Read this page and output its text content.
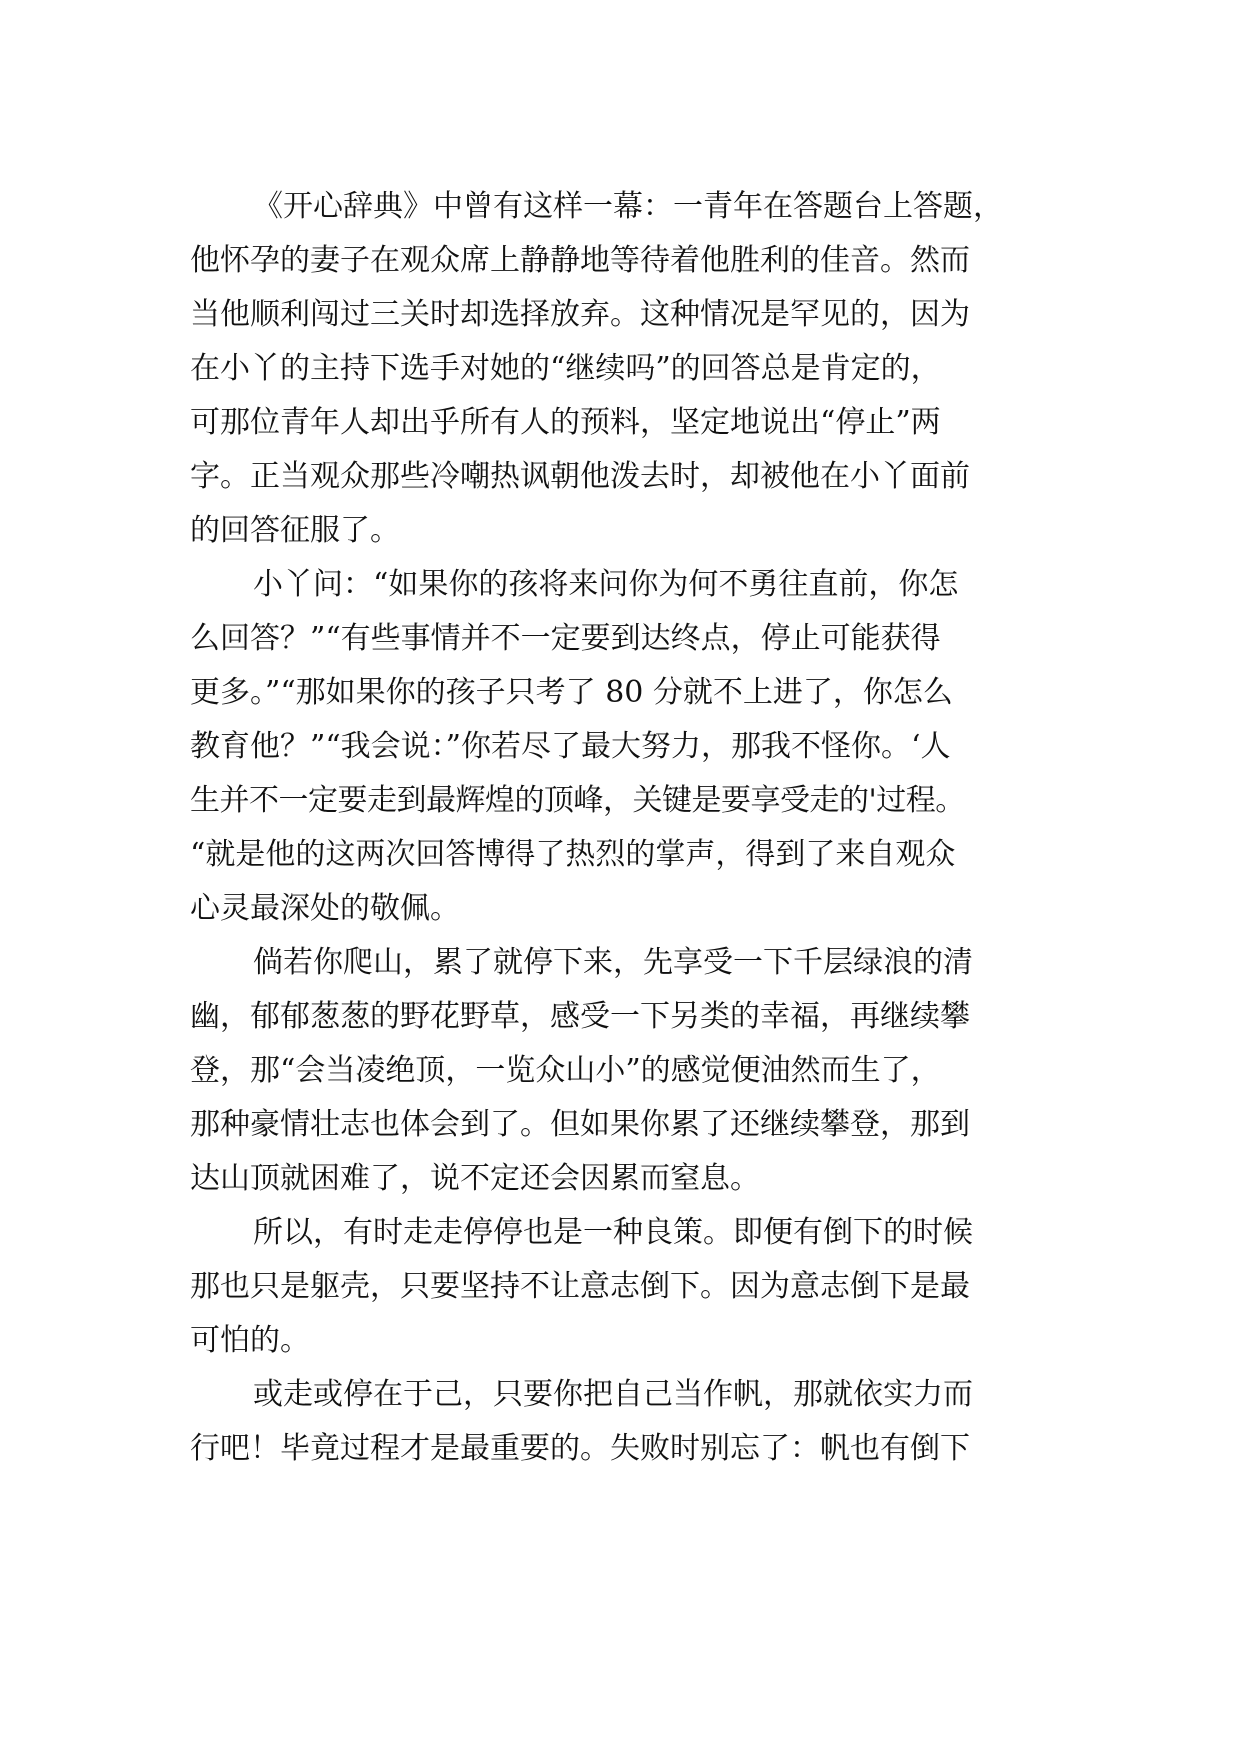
《开心辞典》中曾有这样一幕：一青年在答题台上答题，
他怀孕的妻子在观众席上静静地等待着他胜利的佳音。然而
当他顺利闯过三关时却选择放弃。这种情况是罕见的，因为
在小丫的主持下选手对她的“继续吗”的回答总是肯定的，
可那位青年人却出乎所有人的预料，坚定地说出“停止”两
字。正当观众那些冷嘲热讽朝他泼去时，却被他在小丫面前
的回答征服了。
小丫问：“如果你的孩将来问你为何不勇往直前，你怎
么回答？”“有些事情并不一定要到达终点，停止可能获得
更多。”“那如果你的孩子只考了 80 分就不上进了，你怎么
教育他？”“我会说：”你若尽了最大努力，那我不怪你。‘人
生并不一定要走到最辉煌的顶峰，关键是要享受走的'过程。
“就是他的这两次回答博得了热烈的掌声，得到了来自观众
心灵最深处的敬佩。
倘若你爬山，累了就停下来，先享受一下千层绿浪的清
幽，郁郁葱葱的野花野草，感受一下另类的幸福，再继续攀
登，那“会当凌绝顶，一览众山小”的感觉便油然而生了，
那种豪情壮志也体会到了。但如果你累了还继续攀登，那到
达山顶就困难了，说不定还会因累而窒息。
所以，有时走走停停也是一种良策。即便有倒下的时候
那也只是躯壳，只要坚持不让意志倒下。因为意志倒下是最
可怕的。
或走或停在于己，只要你把自己当作帆，那就依实力而
行吧！毕竟过程才是最重要的。失败时别忘了：帆也有倒下
